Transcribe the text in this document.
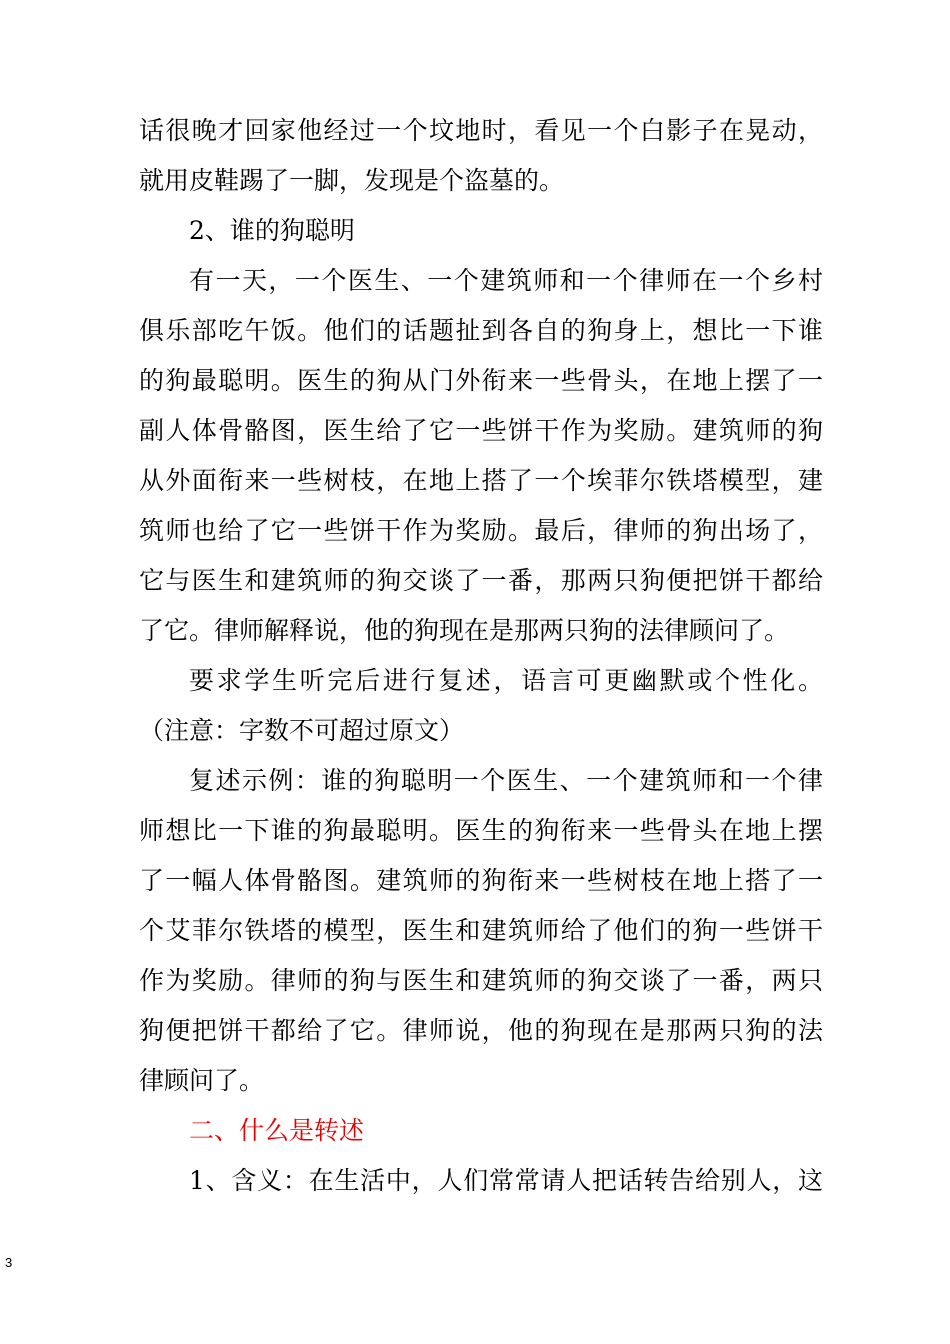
话很晚才回家他经过一个坟地时，看见一个白影子在晃动，
就用皮鞋踢了一脚，发现是个盗墓的。
2、谁的狗聪明
有一天，一个医生、一个建筑师和一个律师在一个乡村
俱乐部吃午饭。他们的话题扯到各自的狗身上，想比一下谁
的狗最聪明。医生的狗从门外衔来一些骨头，在地上摆了一
副人体骨骼图，医生给了它一些饼干作为奖励。建筑师的狗
从外面衔来一些树枝，在地上搭了一个埃菲尔铁塔模型，建
筑师也给了它一些饼干作为奖励。最后，律师的狗出场了，
它与医生和建筑师的狗交谈了一番，那两只狗便把饼干都给
了它。律师解释说，他的狗现在是那两只狗的法律顾问了。
要求学生听完后进行复述，语言可更幽默或个性化。
（注意：字数不可超过原文）
复述示例：谁的狗聪明一个医生、一个建筑师和一个律
师想比一下谁的狗最聪明。医生的狗衔来一些骨头在地上摆
了一幅人体骨骼图。建筑师的狗衔来一些树枝在地上搭了一
个艾菲尔铁塔的模型，医生和建筑师给了他们的狗一些饼干
作为奖励。律师的狗与医生和建筑师的狗交谈了一番，两只
狗便把饼干都给了它。律师说，他的狗现在是那两只狗的法
律顾问了。
二、什么是转述
1、含义：在生活中，人们常常请人把话转告给别人，这
3
